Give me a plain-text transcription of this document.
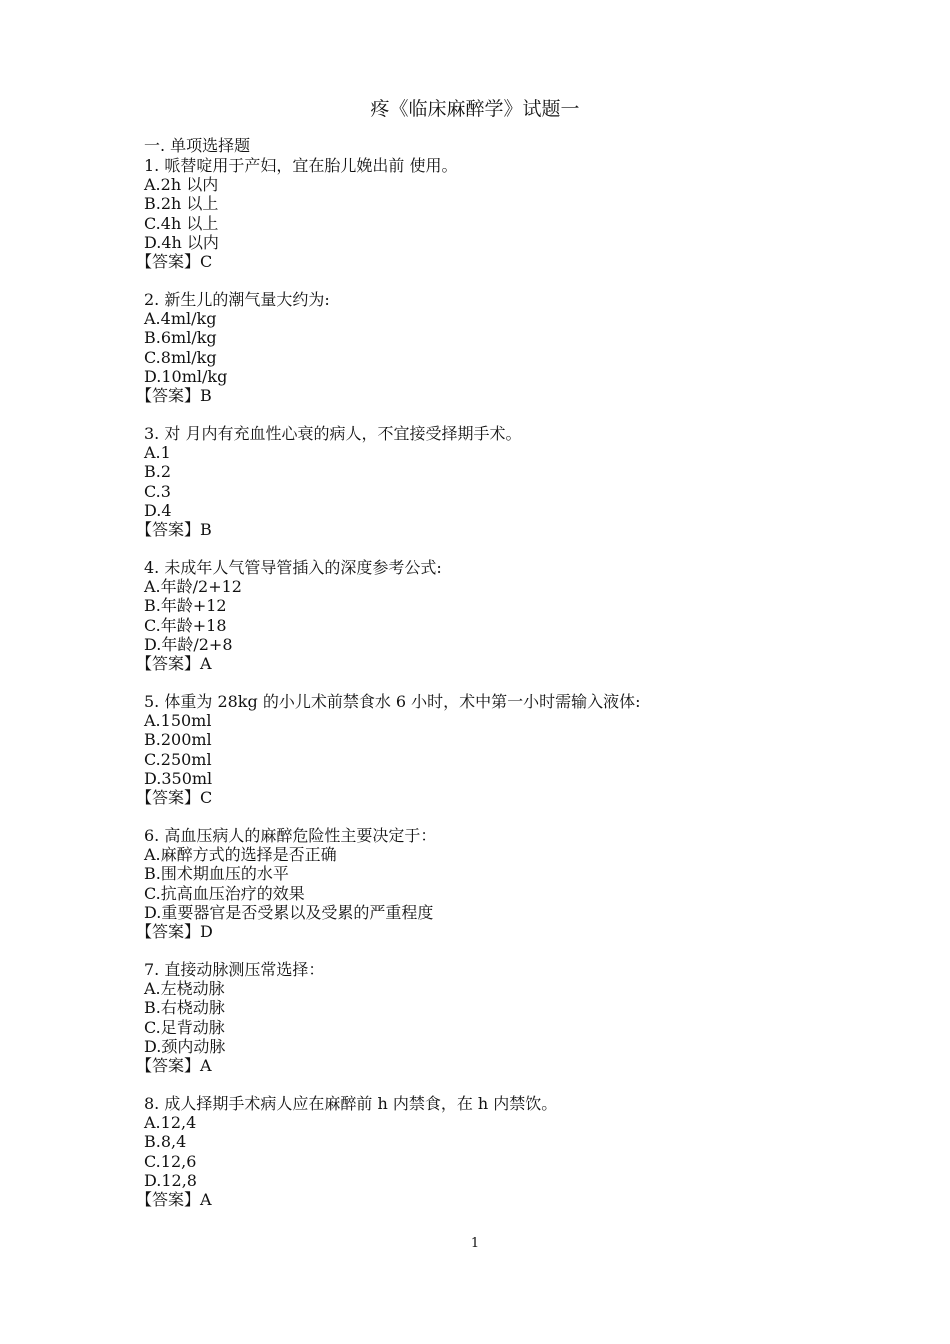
疼《临床麻醉学》试题一
一. 单项选择题
1. 哌替啶用于产妇，宜在胎儿娩出前 使用。
A.2h 以内
B.2h 以上
C.4h 以上
D.4h 以内
【答案】C
2. 新生儿的潮气量大约为:
A.4ml/kg
B.6ml/kg
C.8ml/kg
D.10ml/kg
【答案】B
3. 对 月内有充血性心衰的病人，不宜接受择期手术。
A.1
B.2
C.3
D.4
【答案】B
4. 未成年人气管导管插入的深度参考公式:
A.年龄/2+12
B.年龄+12
C.年龄+18
D.年龄/2+8
【答案】A
5. 体重为 28kg 的小儿术前禁食水 6 小时，术中第一小时需输入液体:
A.150ml
B.200ml
C.250ml
D.350ml
【答案】C
6. 高血压病人的麻醉危险性主要决定于：
A.麻醉方式的选择是否正确
B.围术期血压的水平
C.抗高血压治疗的效果
D.重要器官是否受累以及受累的严重程度
【答案】D
7. 直接动脉测压常选择：
A.左桡动脉
B.右桡动脉
C.足背动脉
D.颈内动脉
【答案】A
8. 成人择期手术病人应在麻醉前 h 内禁食，在 h 内禁饮。
A.12,4
B.8,4
C.12,6
D.12,8
【答案】A
1
